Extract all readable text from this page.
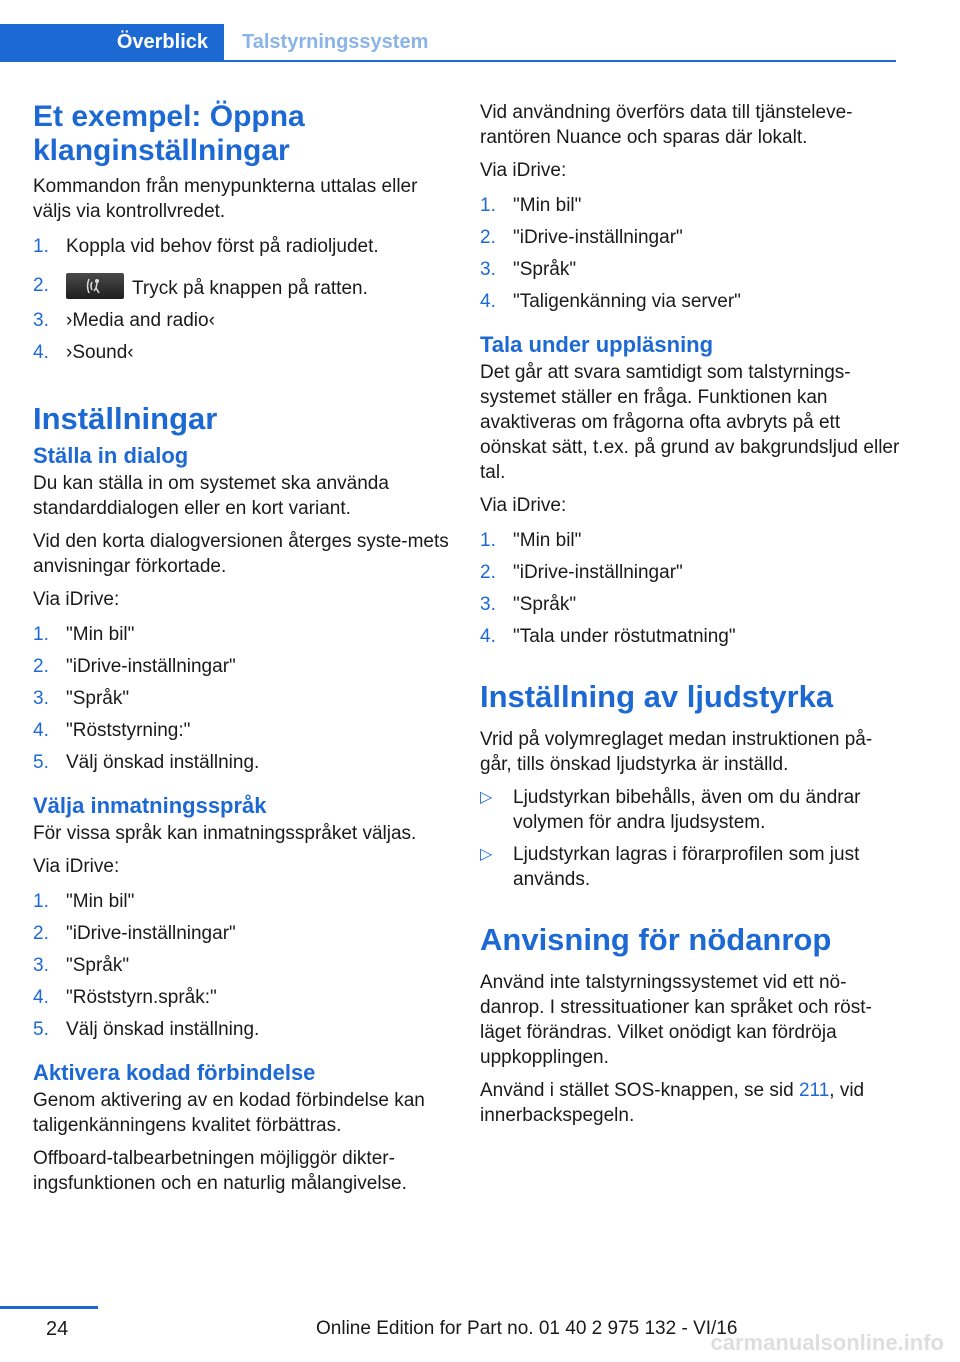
Överblick	Talstyrningssystem
Et exempel: Öppna klanginställningar

Kommandon från menypunkterna uttalas eller väljs via kontrollvredet.

1. Koppla vid behov först på radioljudet.
2.	Tryck på knappen på ratten.
3. ›Media and radio‹
4. ›Sound‹
Inställningar
Ställa in dialog

Du kan ställa in om systemet ska använda standarddialogen eller en kort variant.

Vid den korta dialogversionen återges syste-mets anvisningar förkortade.

Via iDrive:

1. "Min bil"
2. "iDrive-inställningar"
3. "Språk"
4. "Röststyrning:"
5. Välj önskad inställning.
Välja inmatningsspråk

För vissa språk kan inmatningsspråket väljas.

Via iDrive:

1. "Min bil"
2. "iDrive-inställningar"
3. "Språk"
4. "Röststyrn.språk:"
5. Välj önskad inställning.
Aktivera kodad förbindelse

Genom aktivering av en kodad förbindelse kan taligenkänningens kvalitet förbättras.

Offboard-talbearbetningen möjliggör dikter-ingsfunktionen och en naturlig målangivelse.

Vid användning överförs data till tjänsteleve-rantören Nuance och sparas där lokalt.

Via iDrive:

1. "Min bil"
2. "iDrive-inställningar"
3. "Språk"
4. "Taligenkänning via server"
Tala under uppläsning

Det går att svara samtidigt som talstyrnings-systemet ställer en fråga. Funktionen kan avaktiveras om frågorna ofta avbryts på ett oönskat sätt, t.ex. på grund av bakgrundsljud eller tal.

Via iDrive:

1. "Min bil"
2. "iDrive-inställningar"
3. "Språk"
4. "Tala under röstutmatning"
Inställning av ljudstyrka

Vrid på volymreglaget medan instruktionen på-går, tills önskad ljudstyrka är inställd.

▷ Ljudstyrkan bibehålls, även om du ändrar volymen för andra ljudsystem.
▷ Ljudstyrkan lagras i förarprofilen som just används.
Anvisning för nödanrop

Använd inte talstyrningssystemet vid ett nö-danrop. I stressituationer kan språket och röst-läget förändras. Vilket onödigt kan fördröja uppkopplingen.

Använd i stället SOS-knappen, se sid 211, vid innerbackspegeln.

24	Online Edition for Part no. 01 40 2 975 132 - VI/16
carmanualsonline.info
